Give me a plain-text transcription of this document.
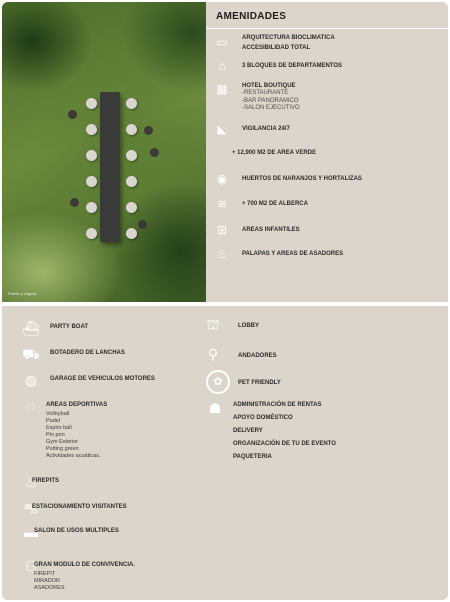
Paleta y vegetal
AMENIDADES
▭	ARQUITECTURA BIOCLIMATICA
ACCESIBILIDAD TOTAL
⌂	3 BLOQUES DE DEPARTAMENTOS
▦	HOTEL BOUTIQUE
-RESTAURANTE
-BAR PANORAMICO
-SALON EJECUTIVO
◣	VIGILANCIA 24/7
+ 12,900 M2 DE AREA VERDE
◉	HUERTOS DE NARANJOS Y HORTALIZAS
≋	+ 700 M2 DE ALBERCA
⊞	AREAS INFANTILES
♨	PALAPAS Y AREAS DE ASADORES
⛴	PARTY BOAT
⛟	BOTADERO DE LANCHAS
◍	GARAGE DE VEHICULOS MOTORES
◌	AREAS DEPORTIVAS
Volleyball
Padel
Espiro ball
Pin pon
Gym Exterior
Putting green
Actividades acuáticas.
♨
FIREPITS
⛍
ESTACIONAMIENTO VISITANTES
▬
SALON DE USOS MULTIPLES
⚇
GRAN MODULO DE CONVIVENCIA.
FIREPIT
MIRADOR
ASADORES
⛫	LOBBY
⚲	ANDADORES
✿	PET FRIENDLY
☗	ADMINISTRACIÓN DE RENTAS
APOYO DOMÉSTICO
DELIVERY
ORGANIZACIÓN DE TU DE EVENTO
PAQUETERIA
